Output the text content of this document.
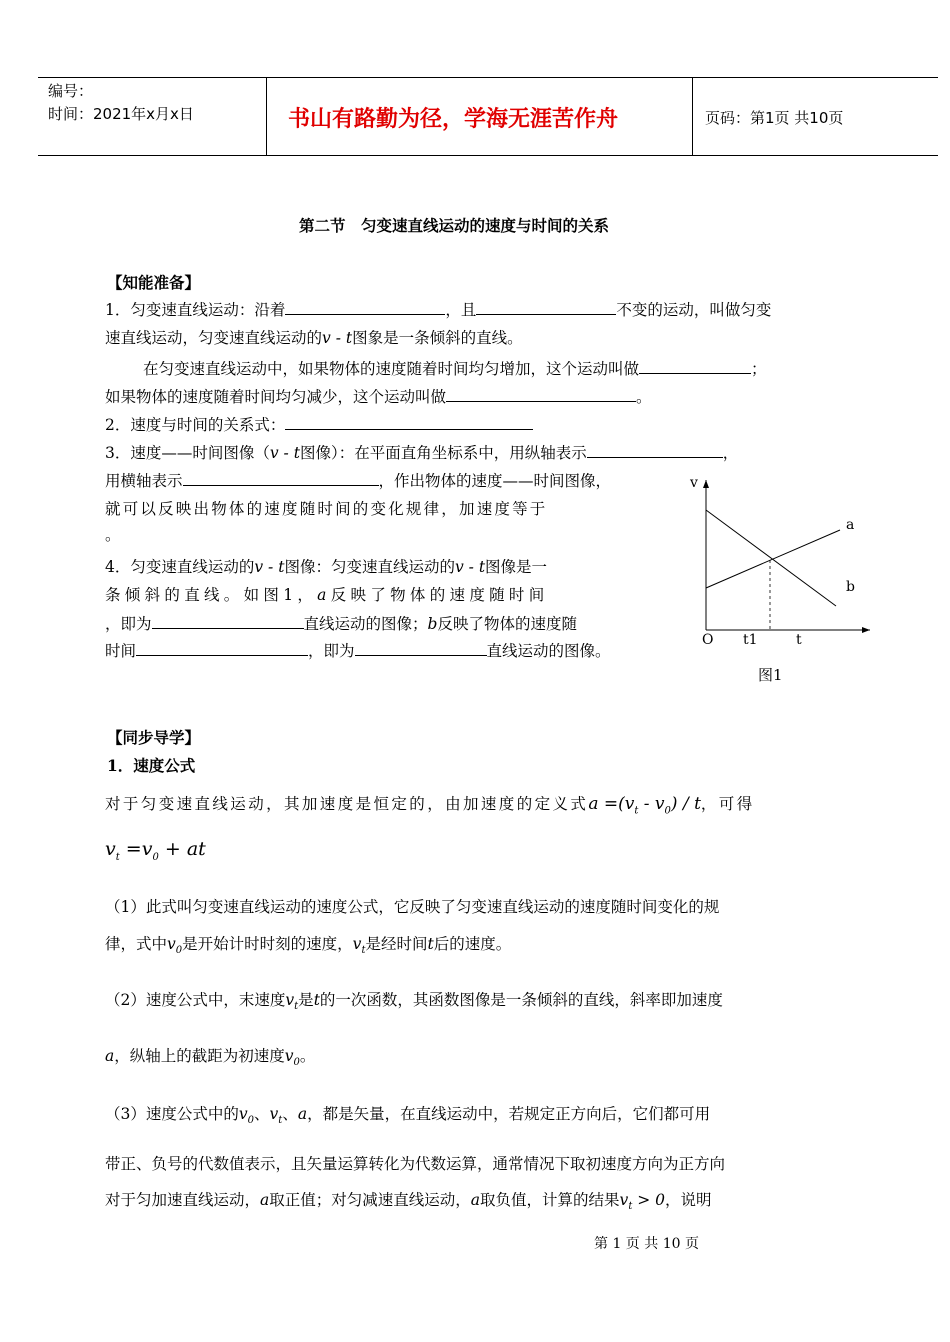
编号：
时间：2021年x月x日	书山有路勤为径，学海无涯苦作舟	页码：第1页 共10页
第二节　匀变速直线运动的速度与时间的关系
【知能准备】
1．匀变速直线运动：沿着	，且	不变的运动，叫做匀变
速直线运动，匀变速直线运动的v - t图象是一条倾斜的直线。
在匀变速直线运动中，如果物体的速度随着时间均匀增加，这个运动叫做	；
如果物体的速度随着时间均匀减少，这个运动叫做	。
2．速度与时间的关系式：
3．速度——时间图像（v - t图像）：在平面直角坐标系中，用纵轴表示	，
用横轴表示	，作出物体的速度——时间图像，
就可以反映出物体的速度随时间的变化规律，加速度等于
。
4．匀变速直线运动的v - t图像：匀变速直线运动的v - t图像是一
条倾斜的直线。如图1，a反映了物体的速度随时间
，即为	直线运动的图像；b反映了物体的速度随
时间	，即为	直线运动的图像。
v
a
b
O t1	t
图1
【同步导学】
1．速度公式
对于匀变速直线运动，其加速度是恒定的，由加速度的定义式$a =(v_t - v_0) / t$，可得
$v_t =v_0$ + at
（1）此式叫匀变速直线运动的速度公式，它反映了匀变速直线运动的速度随时间变化的规
律，式中$v_0$是开始计时时刻的速度，$v_t$是经时间t后的速度。
（2）速度公式中，末速度$v_t$是t的一次函数，其函数图像是一条倾斜的直线，斜率即加速度
a，纵轴上的截距为初速度$v_0$。
（3）速度公式中的$v_0$、$v_t$、a，都是矢量，在直线运动中，若规定正方向后，它们都可用
带正、负号的代数值表示，且矢量运算转化为代数运算，通常情况下取初速度方向为正方向
对于匀加速直线运动，a取正值；对匀减速直线运动，a取负值，计算的结果$v_t > 0$，说明
第 1 页 共 10 页
